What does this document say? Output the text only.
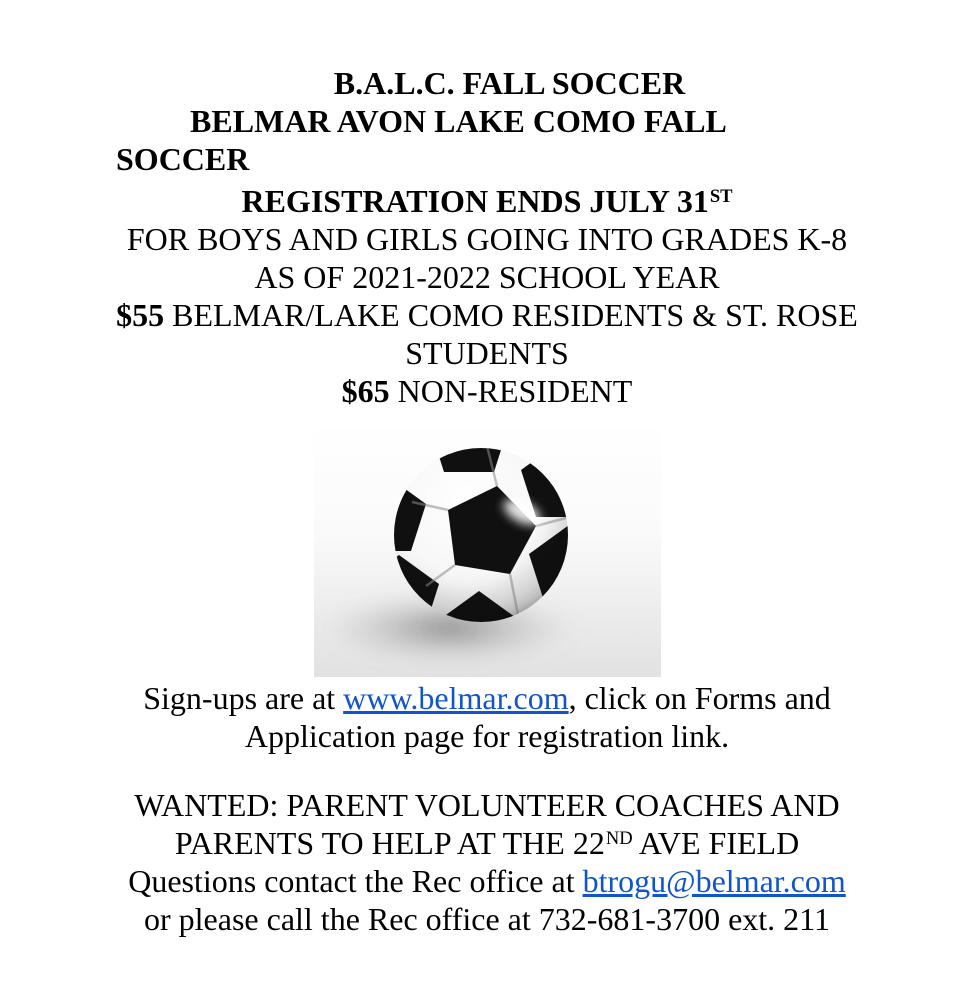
B.A.L.C. FALL SOCCER
BELMAR AVON LAKE COMO FALL
SOCCER
REGISTRATION ENDS JULY 31ST
FOR BOYS AND GIRLS GOING INTO GRADES K-8
AS OF 2021-2022 SCHOOL YEAR
$55 BELMAR/LAKE COMO RESIDENTS & ST. ROSE
STUDENTS
$65 NON-RESIDENT
Sign-ups are at www.belmar.com, click on Forms and
Application page for registration link.
WANTED: PARENT VOLUNTEER COACHES AND
PARENTS TO HELP AT THE 22ND AVE FIELD
Questions contact the Rec office at btrogu@belmar.com
or please call the Rec office at 732-681-3700 ext. 211
